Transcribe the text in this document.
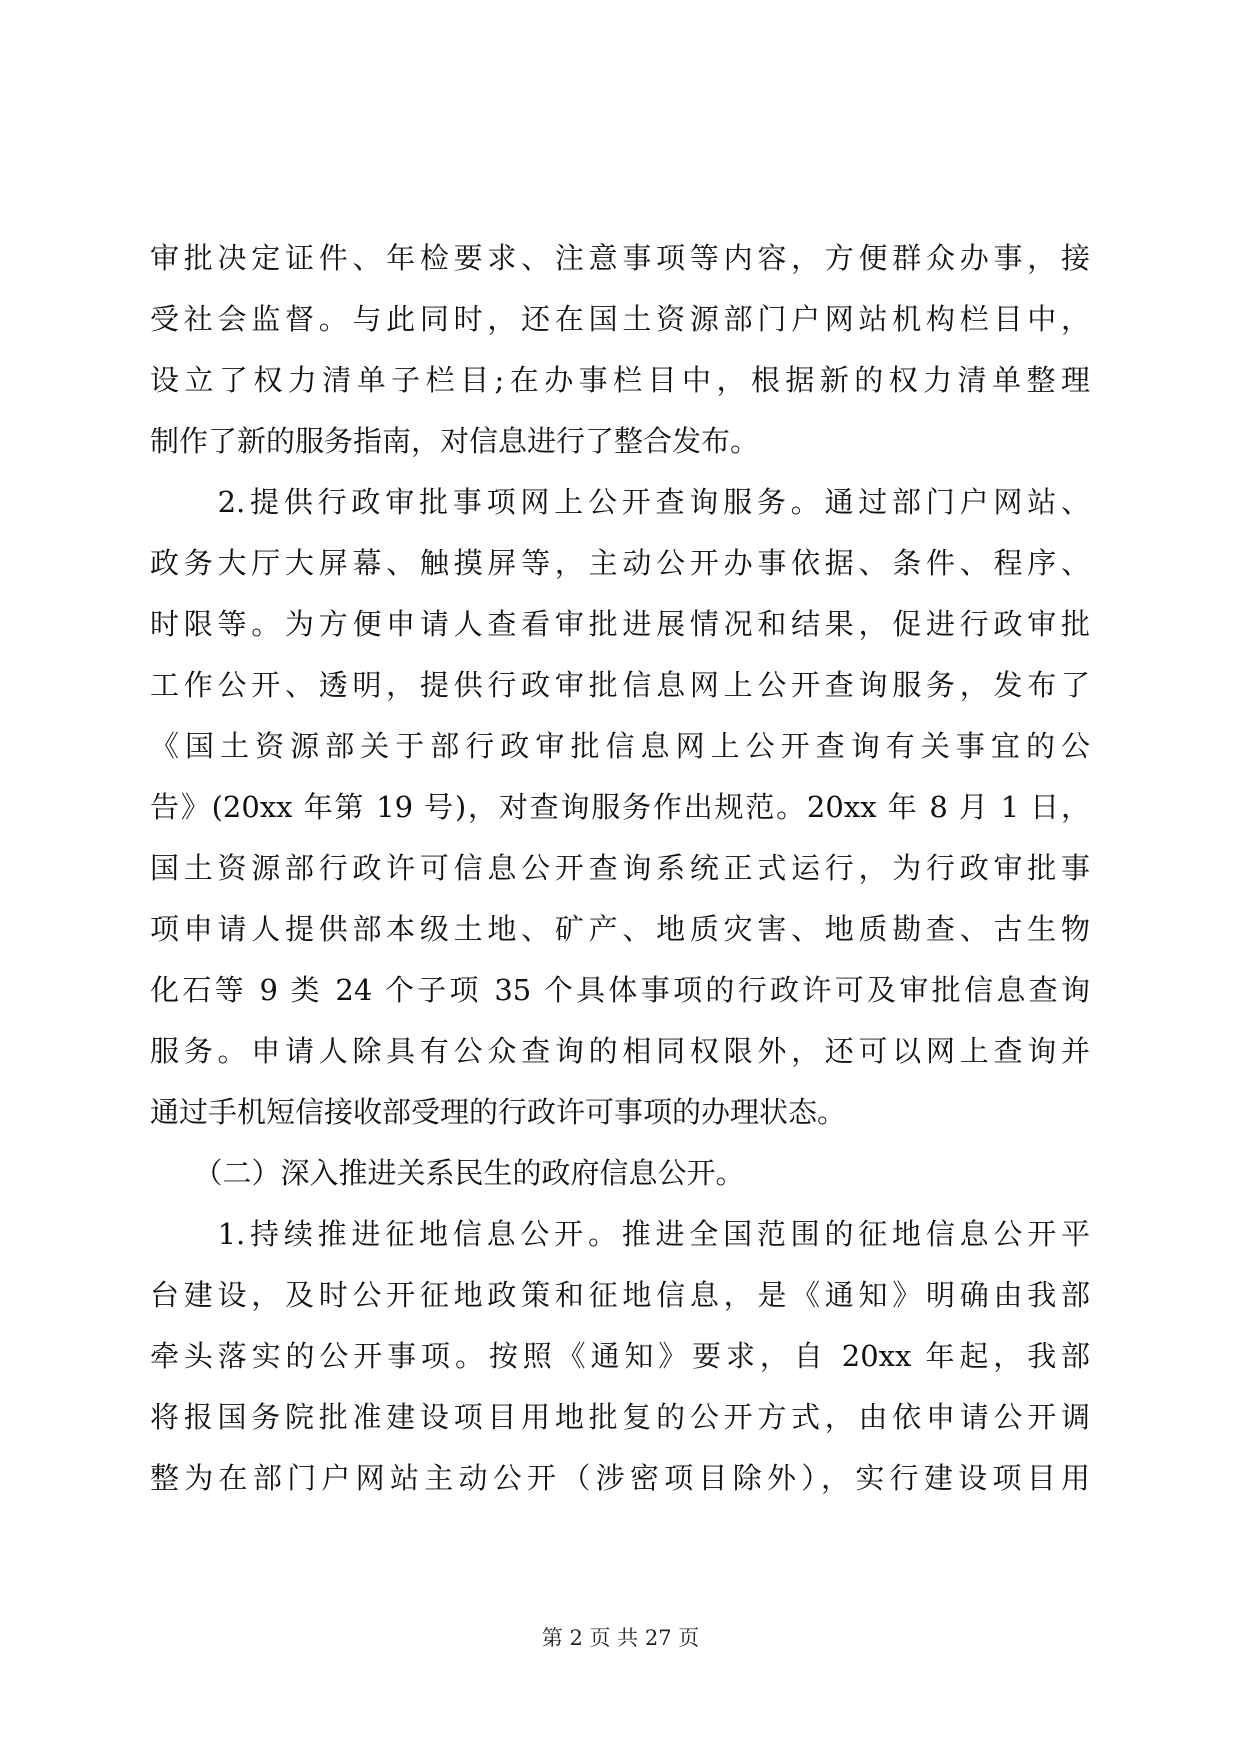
审批决定证件、年检要求、注意事项等内容，方便群众办事，接
受社会监督。与此同时，还在国土资源部门户网站机构栏目中，
设立了权力清单子栏目;在办事栏目中，根据新的权力清单整理
制作了新的服务指南，对信息进行了整合发布。
　　2.提供行政审批事项网上公开查询服务。通过部门户网站、
政务大厅大屏幕、触摸屏等，主动公开办事依据、条件、程序、
时限等。为方便申请人查看审批进展情况和结果，促进行政审批
工作公开、透明，提供行政审批信息网上公开查询服务，发布了
《国土资源部关于部行政审批信息网上公开查询有关事宜的公
告》(20xx 年第 19 号)，对查询服务作出规范。20xx 年 8 月 1 日，
国土资源部行政许可信息公开查询系统正式运行，为行政审批事
项申请人提供部本级土地、矿产、地质灾害、地质勘查、古生物
化石等 9 类 24 个子项 35 个具体事项的行政许可及审批信息查询
服务。申请人除具有公众查询的相同权限外，还可以网上查询并
通过手机短信接收部受理的行政许可事项的办理状态。
　　（二）深入推进关系民生的政府信息公开。
　　1.持续推进征地信息公开。推进全国范围的征地信息公开平
台建设，及时公开征地政策和征地信息，是《通知》明确由我部
牵头落实的公开事项。按照《通知》要求，自 20xx 年起，我部
将报国务院批准建设项目用地批复的公开方式，由依申请公开调
整为在部门户网站主动公开（涉密项目除外），实行建设项目用
第 2 页 共 27 页
